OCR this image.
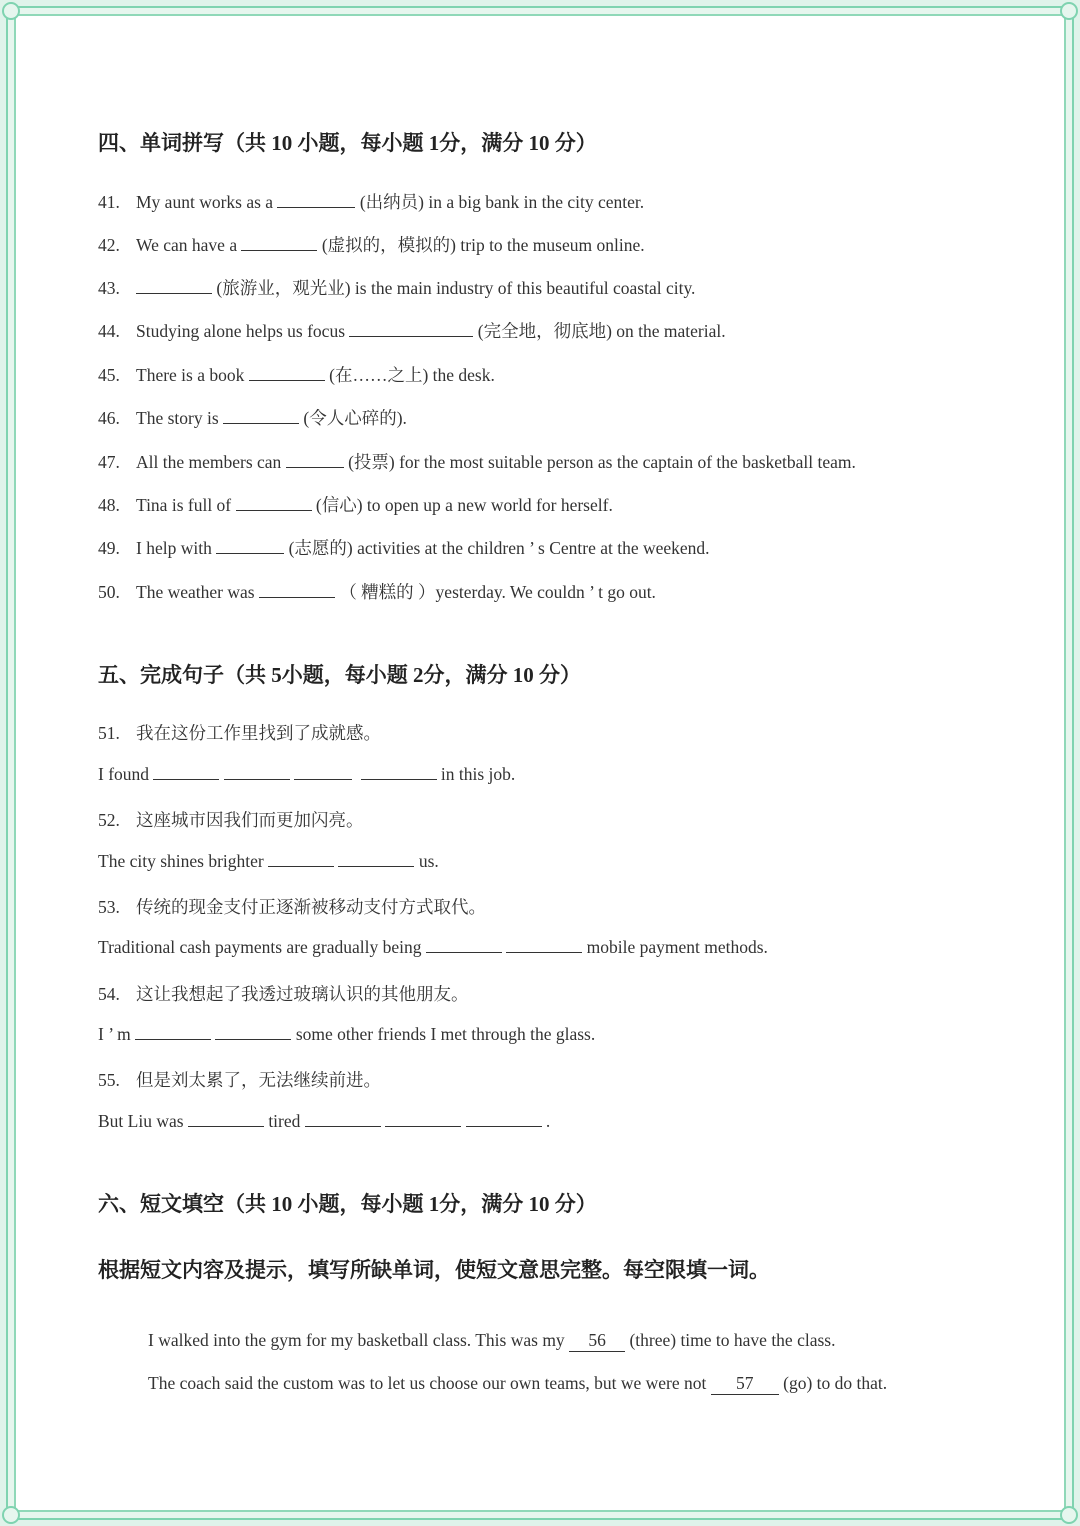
四、单词拼写（共 10 小题，每小题 1分，满分 10 分）
41. My aunt works as a	(出纳员) in a big bank in the city center.
42. We can have a	(虚拟的，模拟的) trip to the museum online.
43.	(旅游业，观光业) is the main industry of this beautiful coastal city.
44. Studying alone helps us focus	(完全地，彻底地) on the material.
45. There is a book	(在……之上) the desk.
46. The story is	(令人心碎的).
47. All the members can	(投票) for the most suitable person as the captain of the basketball team.
48. Tina is full of	(信心) to open up a new world for herself.
49. I help with	(志愿的) activities at the children ’ s Centre at the weekend.
50. The weather was	（ 糟糕的 ）yesterday. We couldn ’ t go out.
五、完成句子（共 5小题，每小题 2分，满分 10 分）
51. 我在这份工作里找到了成就感。
I found	in this job.
52. 这座城市因我们而更加闪亮。
The city shines brighter	us.
53. 传统的现金支付正逐渐被移动支付方式取代。
Traditional cash payments are gradually being	mobile payment methods.
54. 这让我想起了我透过玻璃认识的其他朋友。
I ’ m	some other friends I met through the glass.
55. 但是刘太累了，无法继续前进。
But Liu was	tired	.
六、短文填空（共 10 小题，每小题 1分，满分 10 分）
根据短文内容及提示，填写所缺单词，使短文意思完整。每空限填一词。
I walked into the gym for my basketball class. This was my 56 (three) time to have the class.
The coach said the custom was to let us choose our own teams, but we were not 57 (go) to do that.
